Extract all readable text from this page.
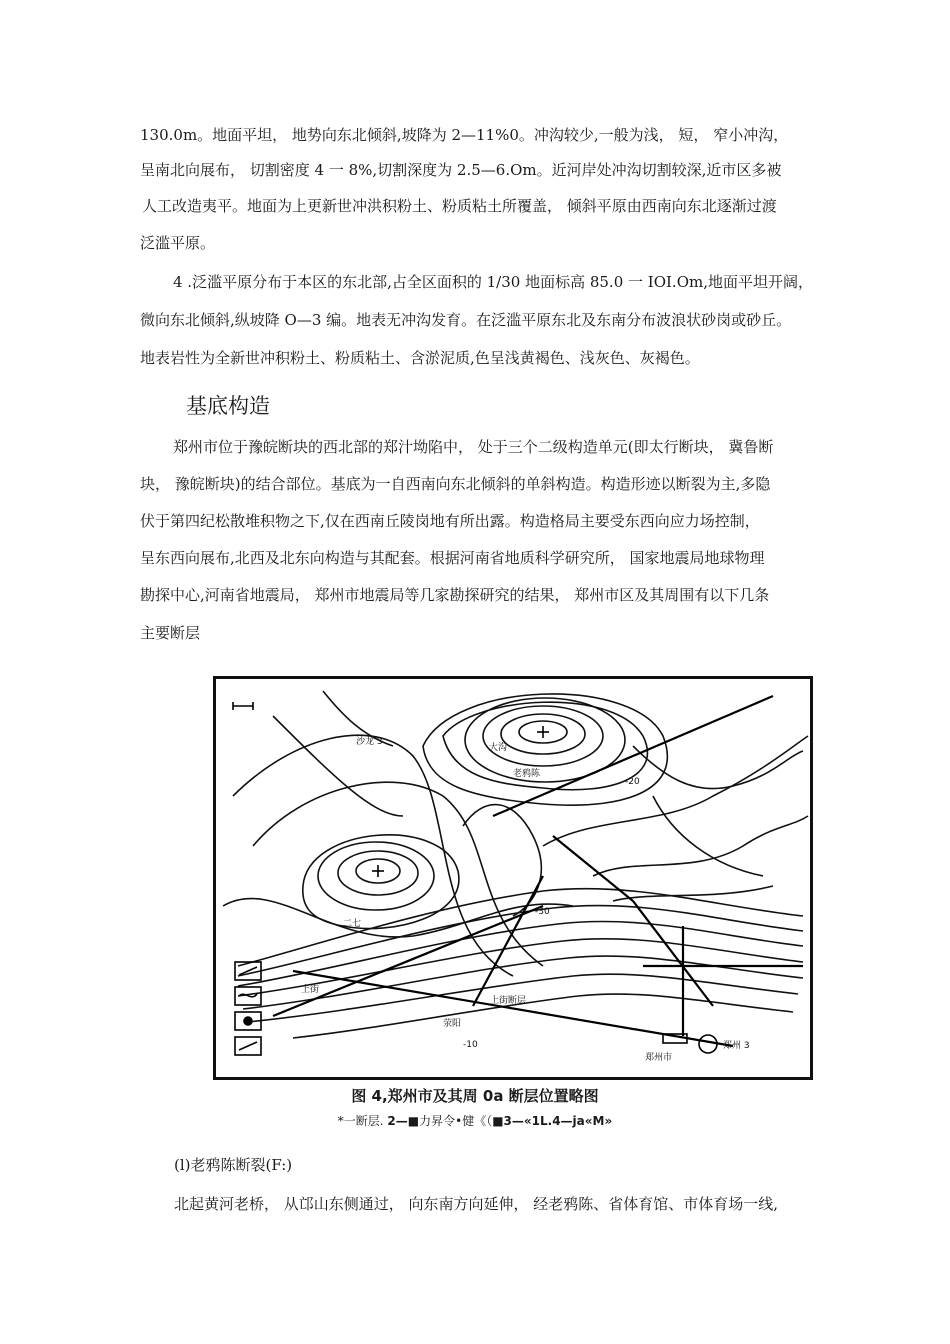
130.0m。地面平坦， 地势向东北倾斜,坡降为 2—11%0。冲沟较少,一般为浅， 短， 窄小冲沟，
呈南北向展布， 切割密度 4 一 8%,切割深度为 2.5—6.Om。近河岸处冲沟切割较深,近市区多被
人工改造夷平。地面为上更新世冲洪积粉土、粉质粘土所覆盖， 倾斜平原由西南向东北逐渐过渡
泛滥平原。
4 .泛滥平原分布于本区的东北部,占全区面积的 1/30 地面标高 85.0 一 IOI.Om,地面平坦开阔，
微向东北倾斜,纵坡降 O—3 编。地表无冲沟发育。在泛滥平原东北及东南分布波浪状砂岗或砂丘。
地表岩性为全新世冲积粉土、粉质粘土、含淤泥质,色呈浅黄褐色、浅灰色、灰褐色。
基底构造
郑州市位于豫皖断块的西北部的郑汁坳陷中， 处于三个二级构造单元(即太行断块， 冀鲁断
块， 豫皖断块)的结合部位。基底为一自西南向东北倾斜的单斜构造。构造形迹以断裂为主,多隐
伏于第四纪松散堆积物之下,仅在西南丘陵岗地有所出露。构造格局主要受东西向应力场控制，
呈东西向展布,北西及北东向构造与其配套。根据河南省地质科学研究所， 国家地震局地球物理
勘探中心,河南省地震局， 郑州市地震局等几家勘探研究的结果， 郑州市区及其周围有以下几条
主要断层
沙龙 3
大沟
老鸦陈
二七
上街
郑州市
上街断层
-30
-20
-10	郑州 3
荥阳
图 4,郑州市及其周 0a 断层位置略图
*一断层. 2—■力昇令•健《（■3—«1L.4—ja«M»
(l)老鸦陈断裂(F:)
北起黄河老桥， 从邙山东侧通过， 向东南方向延伸， 经老鸦陈、省体育馆、市体育场一线,
